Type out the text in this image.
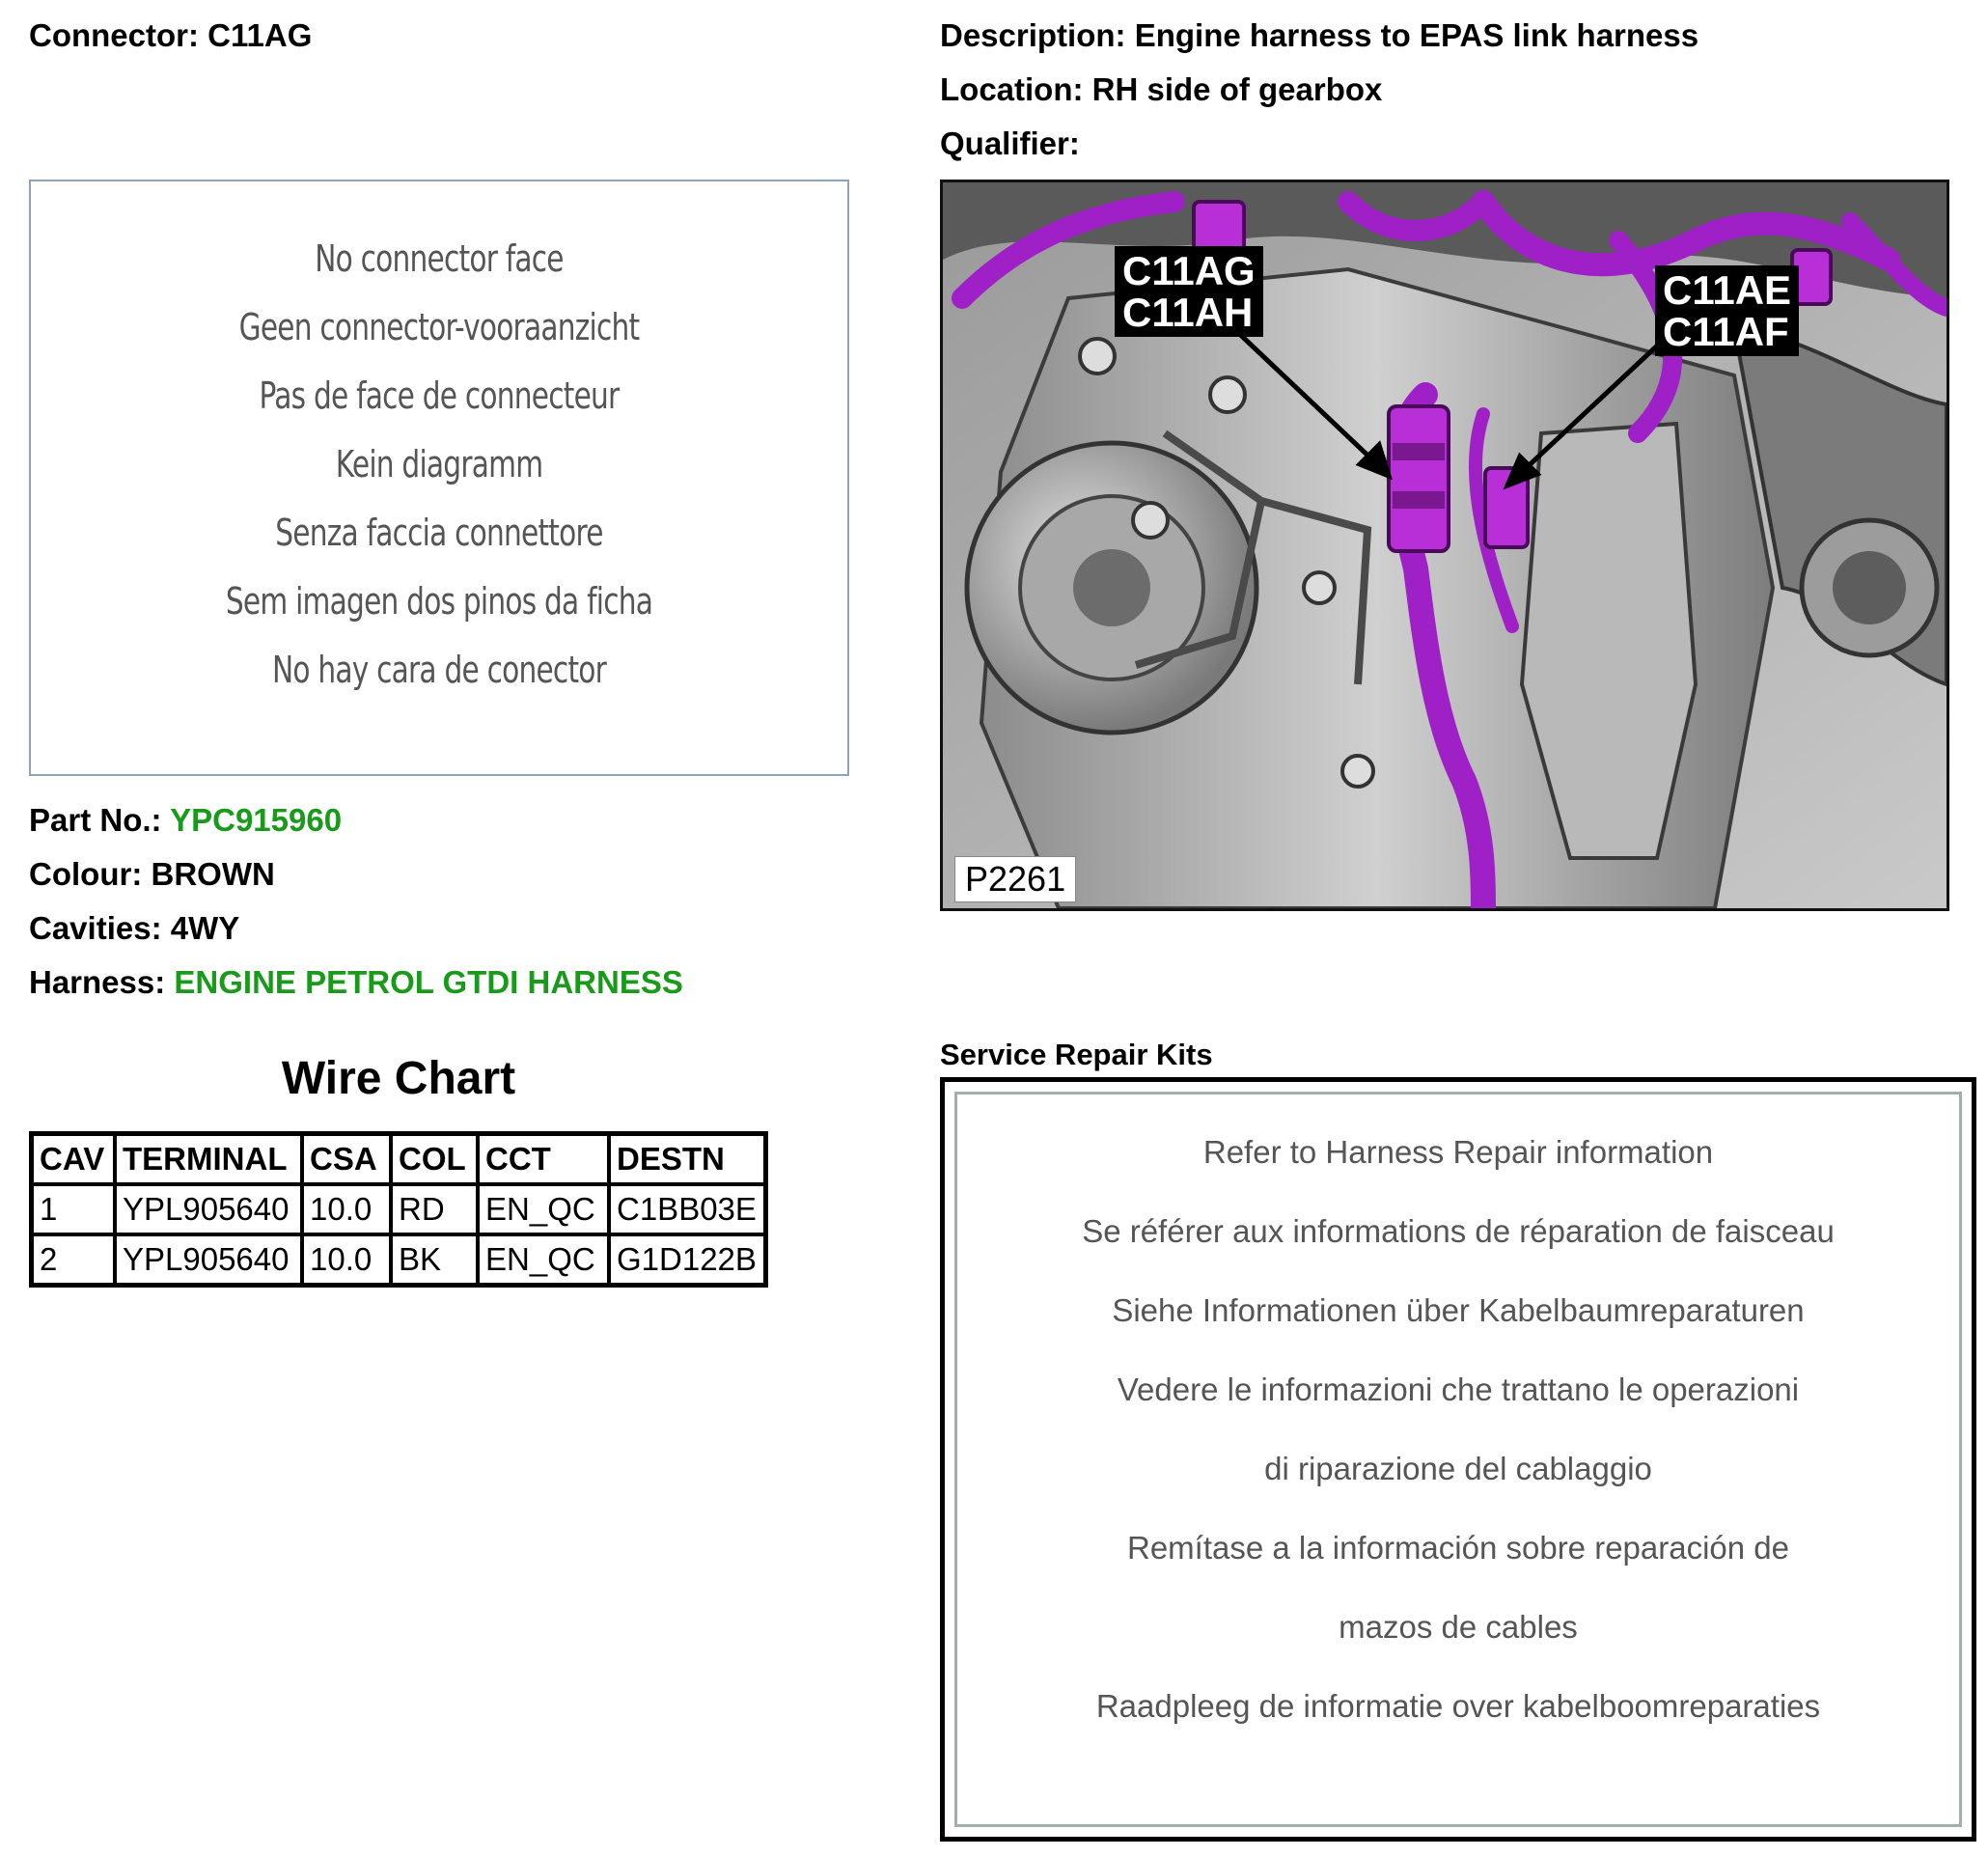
Connector: C11AG	Description: Engine harness to EPAS link harness
Location: RH side of gearbox
Qualifier:
No connector face
Geen connector-vooraanzicht
Pas de face de connecteur
Kein diagramm
Senza faccia connettore
Sem imagen dos pinos da ficha
No hay cara de conector
Part No.: YPC915960
Colour: BROWN
Cavities: 4WY
Harness: ENGINE PETROL GTDI HARNESS
Wire Chart
CAV	TERMINAL	CSA	COL	CCT	DESTN
1	YPL905640	10.0	RD	EN_QC	C1BB03E
2	YPL905640	10.0	BK	EN_QC	G1D122B
C11AG
C11AH	C11AE
C11AF
P2261
Service Repair Kits
Refer to Harness Repair information
Se référer aux informations de réparation de faisceau
Siehe Informationen über Kabelbaumreparaturen
Vedere le informazioni che trattano le operazioni
di riparazione del cablaggio
Remítase a la información sobre reparación de
mazos de cables
Raadpleeg de informatie over kabelboomreparaties
